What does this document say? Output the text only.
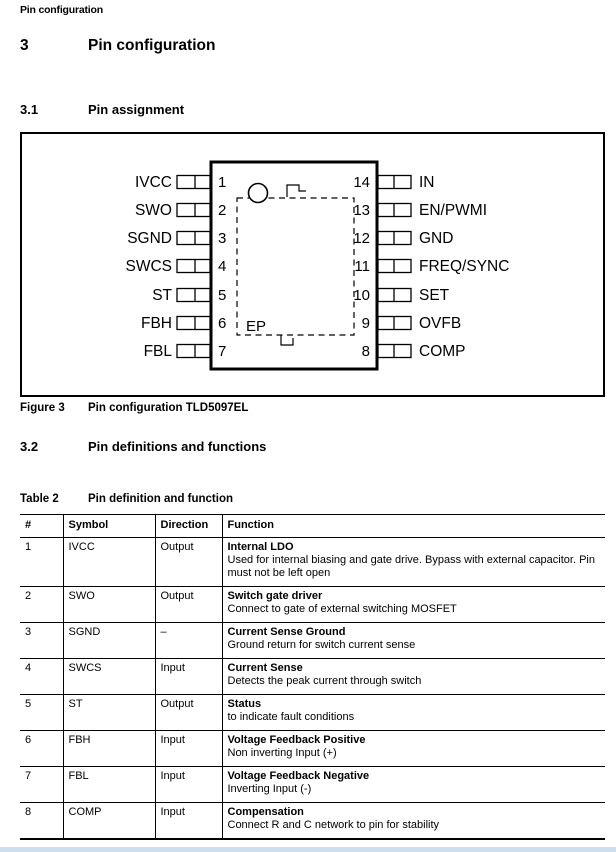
Pin configuration
3	Pin configuration
3.1	Pin assignment
EP
1
IVCC
2
SWO
3
SGND
4
SWCS
5
ST
6
FBH
7
FBL
14	IN
13	EN/PWMI
12	GND
11	FREQ/SYNC
10	SET
9	OVFB
8	COMP
Figure 3	Pin configuration TLD5097EL
3.2	Pin definitions and functions
Table 2	Pin definition and function
#	Symbol	Direction	Function
1	IVCC	Output	Internal LDO
Used for internal biasing and gate drive. Bypass with external capacitor. Pin must not be left open

2	SWO	Output	Switch gate driver
Connect to gate of external switching MOSFET

3	SGND	–	Current Sense Ground
Ground return for switch current sense

4	SWCS	Input	Current Sense
Detects the peak current through switch

5	ST	Output	Status
to indicate fault conditions

6	FBH	Input	Voltage Feedback Positive
Non inverting Input (+)

7	FBL	Input	Voltage Feedback Negative
Inverting Input (-)

8	COMP	Input	Compensation
Connect R and C network to pin for stability
